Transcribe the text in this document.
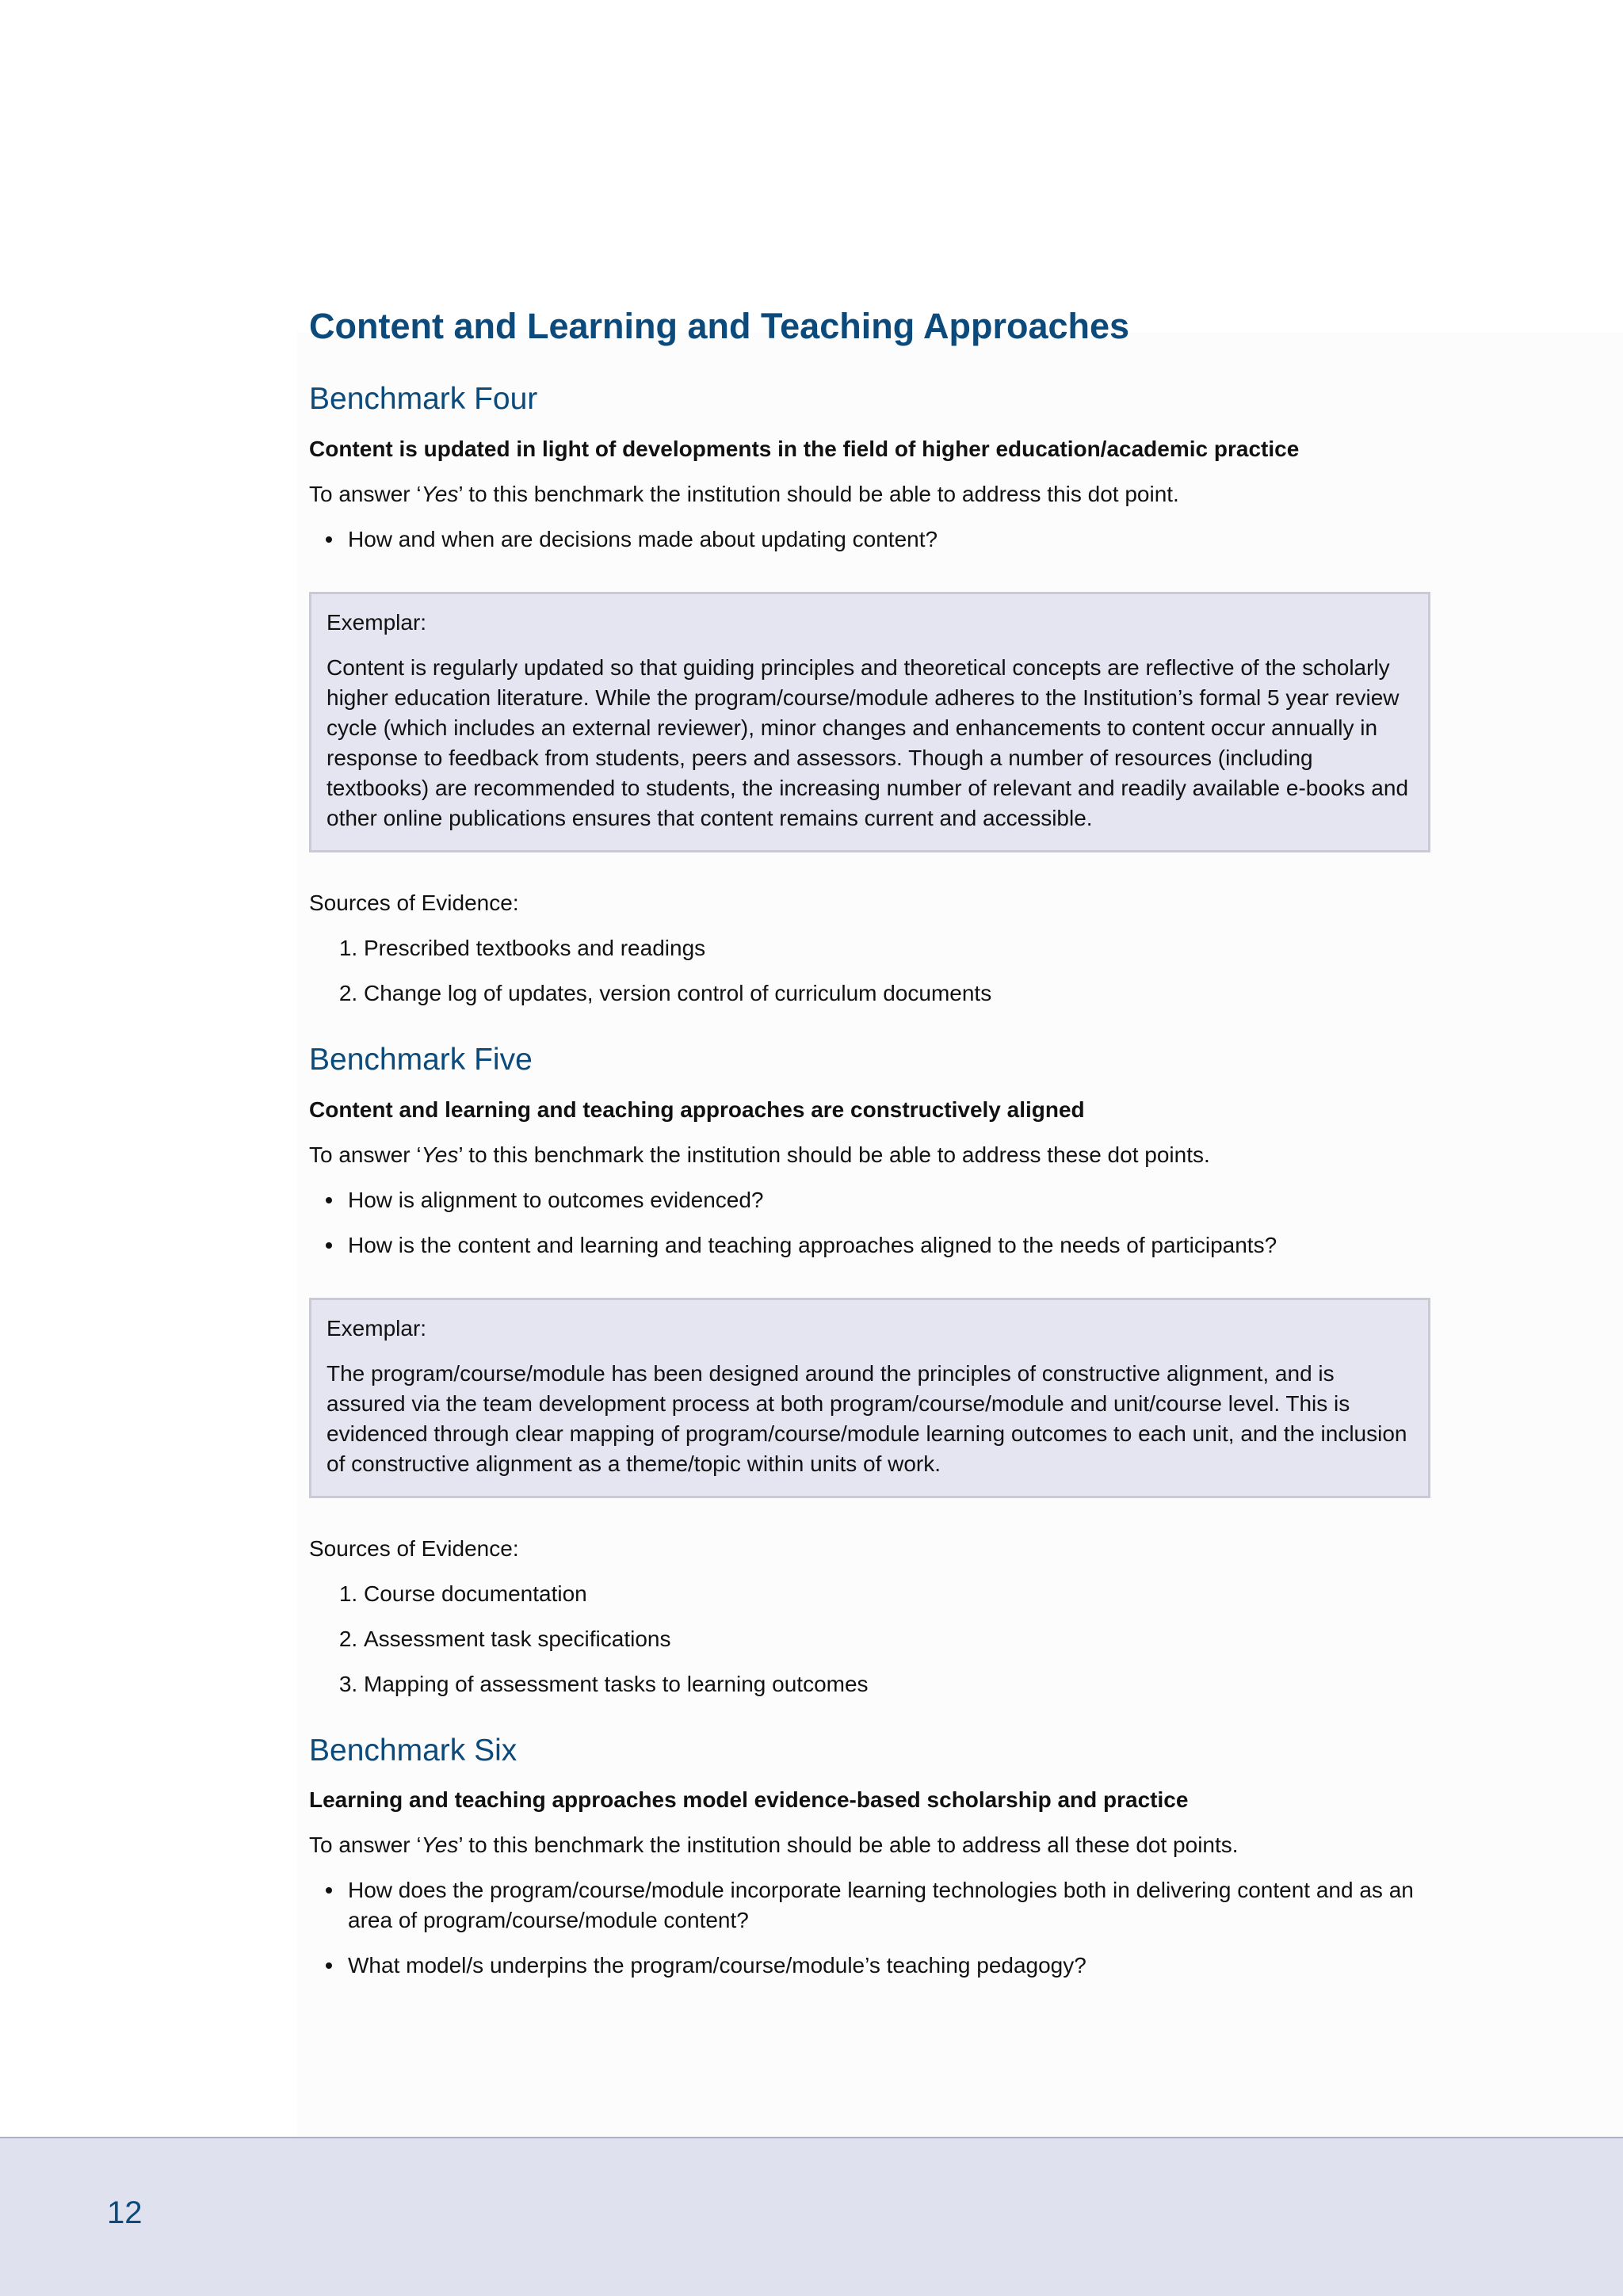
Content and Learning and Teaching Approaches
Benchmark Four

Content is updated in light of developments in the field of higher education/academic practice

To answer ‘Yes’ to this benchmark the institution should be able to address this dot point.

How and when are decisions made about updating content?
Exemplar:

Content is regularly updated so that guiding principles and theoretical concepts are reflective of the scholarly higher education literature. While the program/course/module adheres to the Institution’s formal 5 year review cycle (which includes an external reviewer), minor changes and enhancements to content occur annually in response to feedback from students, peers and assessors. Though a number of resources (including textbooks) are recommended to students, the increasing number of relevant and readily available e-books and other online publications ensures that content remains current and accessible.

Sources of Evidence:

1. Prescribed textbooks and readings
2. Change log of updates, version control of curriculum documents
Benchmark Five

Content and learning and teaching approaches are constructively aligned

To answer ‘Yes’ to this benchmark the institution should be able to address these dot points.

How is alignment to outcomes evidenced?
How is the content and learning and teaching approaches aligned to the needs of participants?
Exemplar:

The program/course/module has been designed around the principles of constructive alignment, and is assured via the team development process at both program/course/module and unit/course level. This is evidenced through clear mapping of program/course/module learning outcomes to each unit, and the inclusion of constructive alignment as a theme/topic within units of work.

Sources of Evidence:

1. Course documentation
2. Assessment task specifications
3. Mapping of assessment tasks to learning outcomes
Benchmark Six

Learning and teaching approaches model evidence-based scholarship and practice

To answer ‘Yes’ to this benchmark the institution should be able to address all these dot points.

How does the program/course/module incorporate learning technologies both in delivering content and as an area of program/course/module content?
What model/s underpins the program/course/module’s teaching pedagogy?
12
